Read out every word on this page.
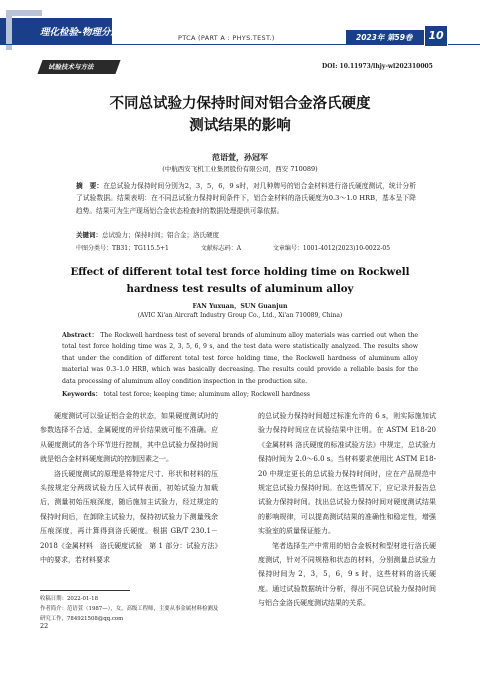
理化检验-物理分册	PTCA (PART A : PHYS.TEST.)	2023年 第59卷	10
试验技术与方法	DOI: 10.11973/lhjy-wl202310005
不同总试验力保持时间对铝合金洛氏硬度
测试结果的影响
范语萱，孙冠军
(中航西安飞机工业集团股份有限公司，西安 710089)
摘　要：在总试验力保持时间分别为2，3，5，6，9 s时，对几种牌号的铝合金材料进行洛氏硬度测试，统计分析了试验数据。结果表明：在不同总试验力保持时间条件下，铝合金材料的洛氏硬度为0.3～1.0 HRB，基本呈下降趋势。结果可为生产现场铝合金状态检查时的数据处理提供可靠依据。
关键词：总试验力；保持时间；铝合金；洛氏硬度
中图分类号：TB31；TG115.5+1	文献标志码：A	文章编号：1001-4012(2023)10-0022-05
Effect of different total test force holding time on Rockwell
hardness test results of aluminum alloy
FAN Yuxuan，SUN Guanjun
(AVIC Xi'an Aircraft Industry Group Co., Ltd., Xi'an 710089, China)
Abstract： The Rockwell hardness test of several brands of aluminum alloy materials was carried out when the total test force holding time was 2, 3, 5, 6, 9 s, and the test data were statistically analyzed. The results show that under the condition of different total test force holding time, the Rockwell hardness of aluminum alloy material was 0.3–1.0 HRB, which was basically decreasing. The results could provide a reliable basis for the data processing of aluminum alloy condition inspection in the production site.
Keywords： total test force; keeping time; aluminum alloy; Rockwell hardness

硬度测试可以验证铝合金的状态，如果硬度测试时的参数选择不合适，金属硬度的评价结果就可能不准确。应从硬度测试的各个环节进行控制，其中总试验力保持时间就是铝合金材料硬度测试的控制因素之一。

洛氏硬度测试的原理是将特定尺寸、形状和材料的压头按规定分两级试验力压入试样表面，初始试验力加载后，测量初始压痕深度，随后施加主试验力，经过规定的保持时间后，在卸除主试验力，保持初试验力下测量残余压痕深度，再计算得到洛氏硬度。根据 GB/T 230.1－2018《金属材料　洛氏硬度试验　第 1 部分：试验方法》中的要求，若材料要求

的总试验力保持时间超过标准允许的 6 s，则实际施加试验力保持时间应在试验结果中注明。在 ASTM E18-20《金属材料 洛氏硬度的标准试验方法》中规定，总试验力保持时间为 2.0～6.0 s。当材料要求使用比 ASTM E18-20 中规定更长的总试验力保持时间时，应在产品规范中规定总试验力保持时间。在这些情况下，应记录并报告总试验力保持时间。找出总试验力保持时间对硬度测试结果的影响规律，可以提高测试结果的准确性和稳定性，增强实验室的质量保证能力。

笔者选择生产中常用的铝合金板材和型材进行洛氏硬度测试，针对不同规格和状态的材料，分别测量总试验力保持时间为 2，3，5，6，9 s 时，这些材料的洛氏硬度。通过试验数据统计分析，得出不同总试验力保持时间与铝合金洛氏硬度测试结果的关系。

收稿日期：2022-01-18
作者简介：范语萱（1987—），女，高级工程师，主要从事金属材料检测及研究工作，784921508@qq.com
22
